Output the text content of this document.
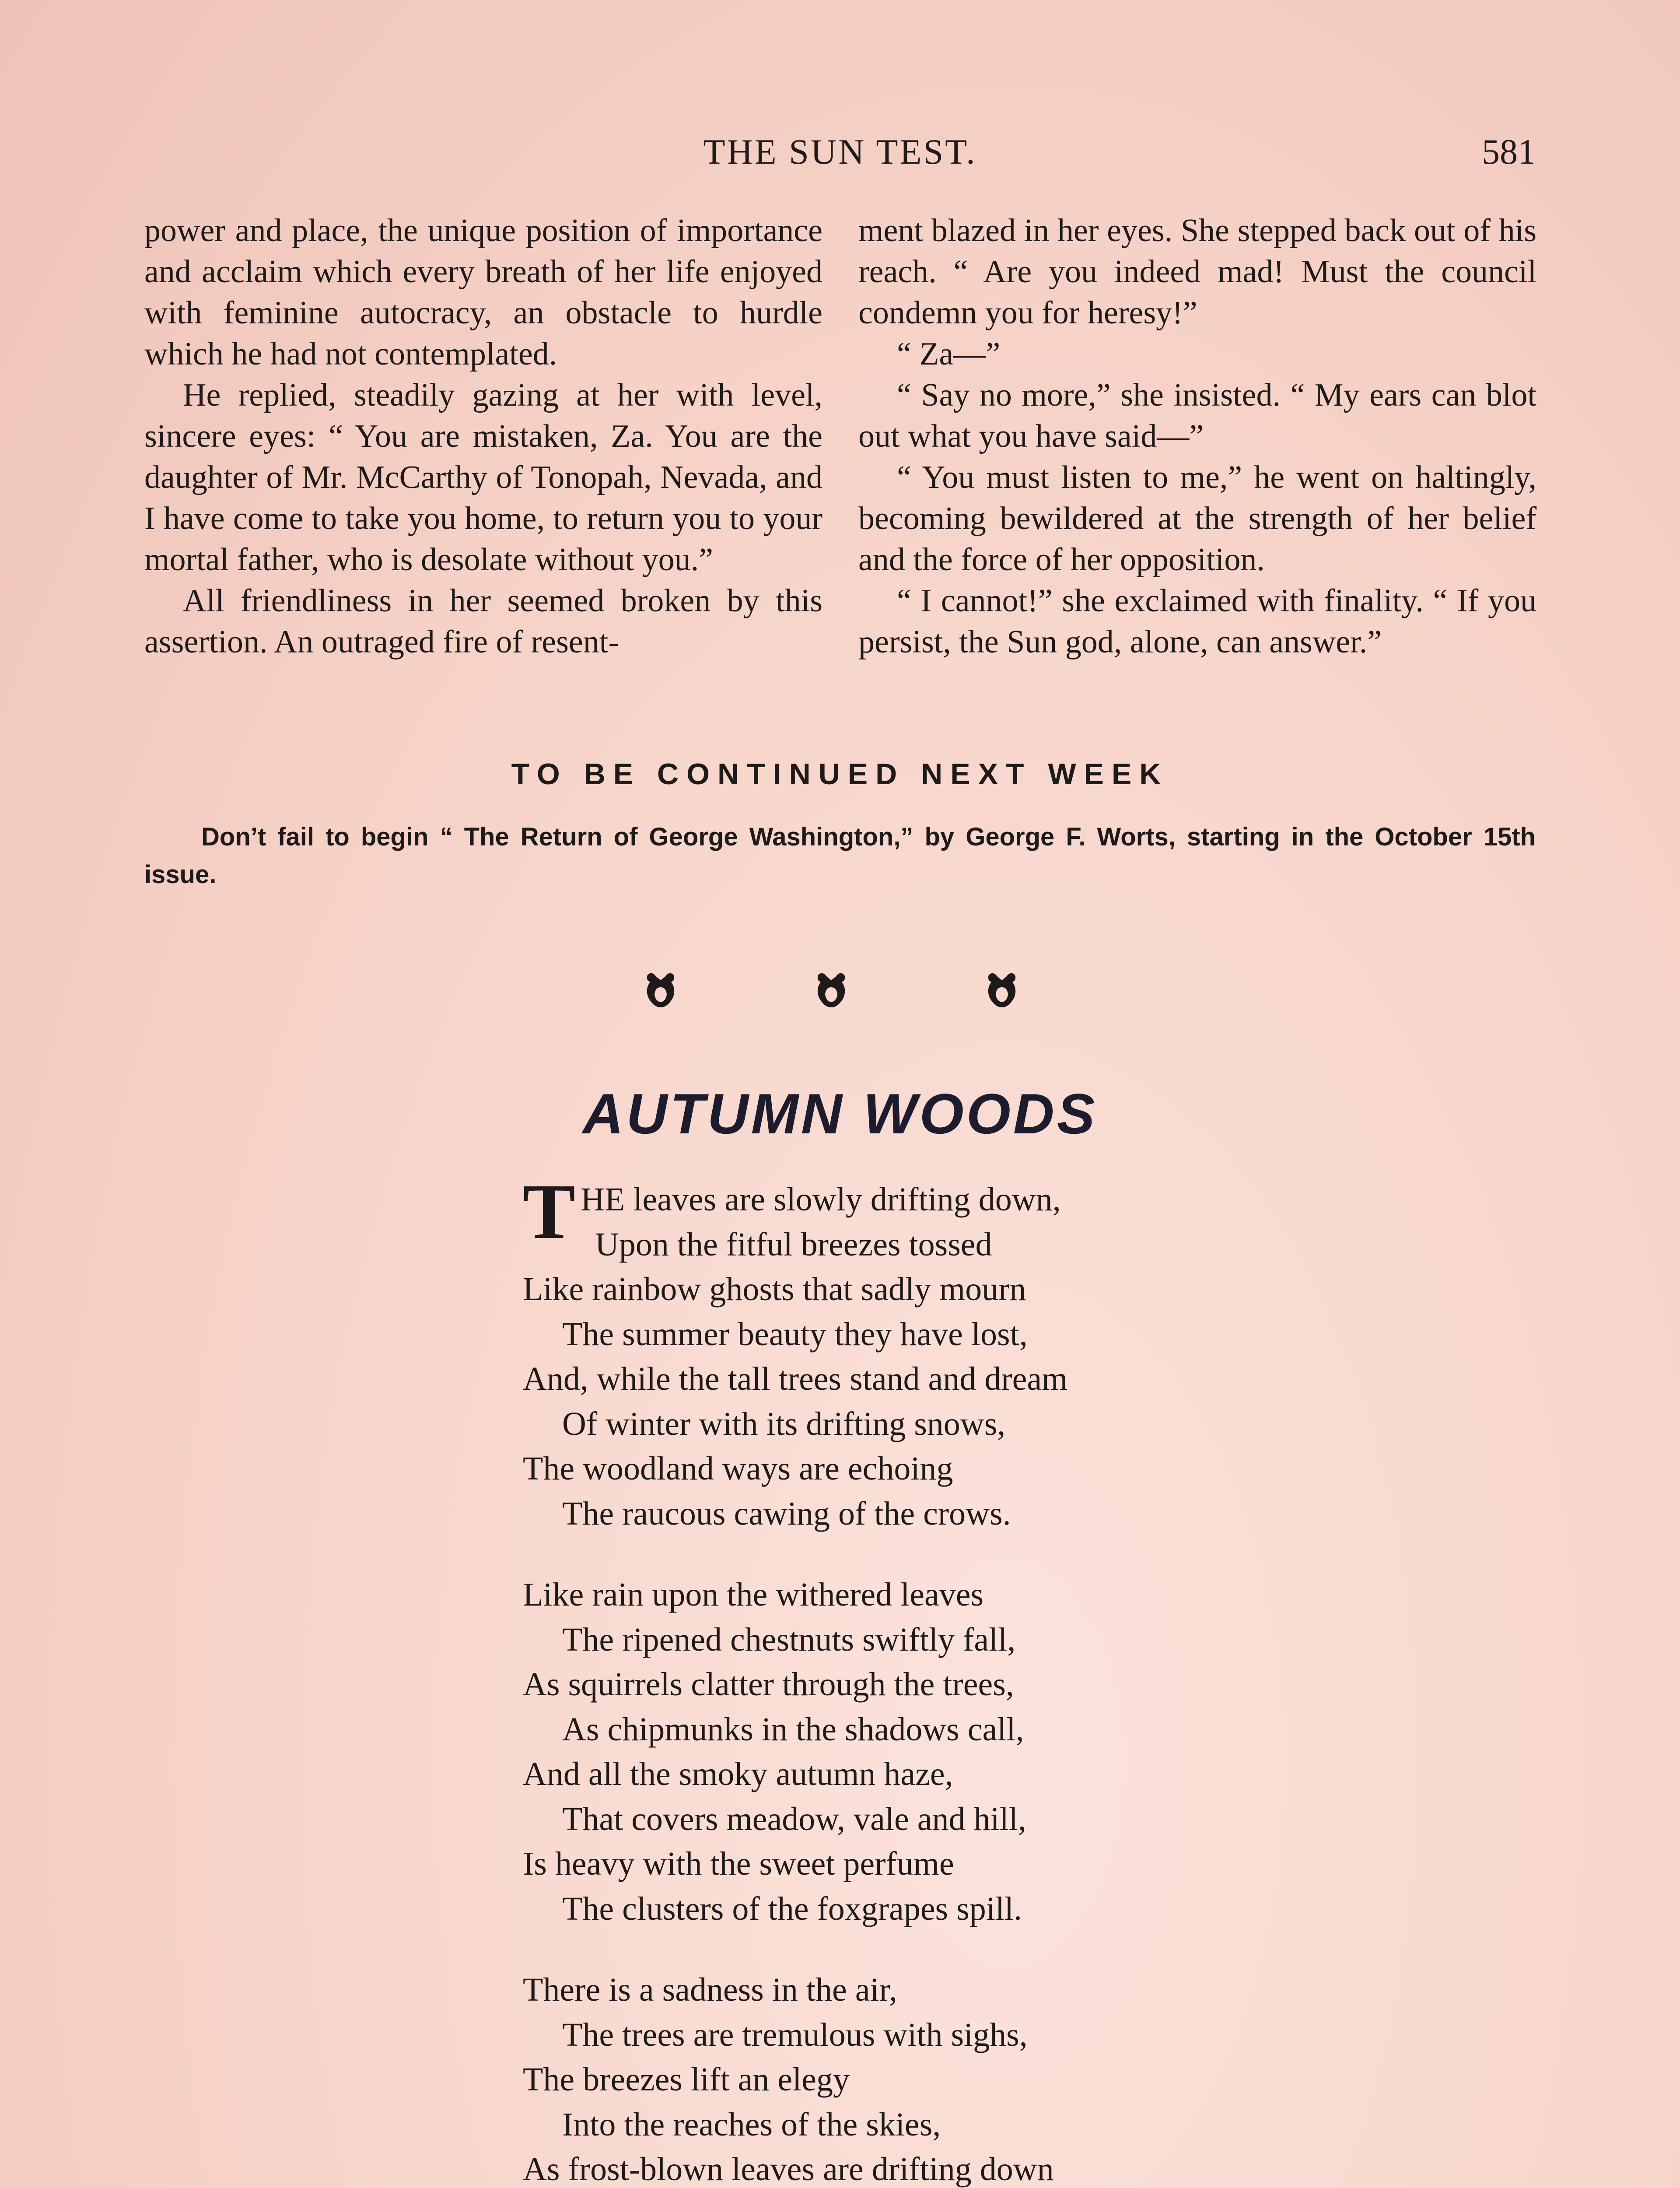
THE SUN TEST.	581

power and place, the unique position of importance and acclaim which every breath of her life enjoyed with feminine autocracy, an obstacle to hurdle which he had not contemplated.

He replied, steadily gazing at her with level, sincere eyes: “ You are mistaken, Za. You are the daughter of Mr. McCarthy of Tonopah, Nevada, and I have come to take you home, to return you to your mortal father, who is desolate without you.”

All friendliness in her seemed broken by this assertion. An outraged fire of resent-

ment blazed in her eyes. She stepped back out of his reach. “ Are you indeed mad! Must the council condemn you for heresy!”

“ Za—”

“ Say no more,” she insisted. “ My ears can blot out what you have said—”

“ You must listen to me,” he went on haltingly, becoming bewildered at the strength of her belief and the force of her opposition.

“ I cannot!” she exclaimed with finality. “ If you persist, the Sun god, alone, can answer.”

TO BE CONTINUED NEXT WEEK
Don’t fail to begin “ The Return of George Washington,” by George F. Worts, starting in the October 15th issue.
AUTUMN WOODS
T HE leaves are slowly drifting down,
Upon the fitful breezes tossed
Like rainbow ghosts that sadly mourn
The summer beauty they have lost,
And, while the tall trees stand and dream
Of winter with its drifting snows,
The woodland ways are echoing
The raucous cawing of the crows.
Like rain upon the withered leaves
The ripened chestnuts swiftly fall,
As squirrels clatter through the trees,
As chipmunks in the shadows call,
And all the smoky autumn haze,
That covers meadow, vale and hill,
Is heavy with the sweet perfume
The clusters of the foxgrapes spill.
There is a sadness in the air,
The trees are tremulous with sighs,
The breezes lift an elegy
Into the reaches of the skies,
As frost-blown leaves are drifting down
